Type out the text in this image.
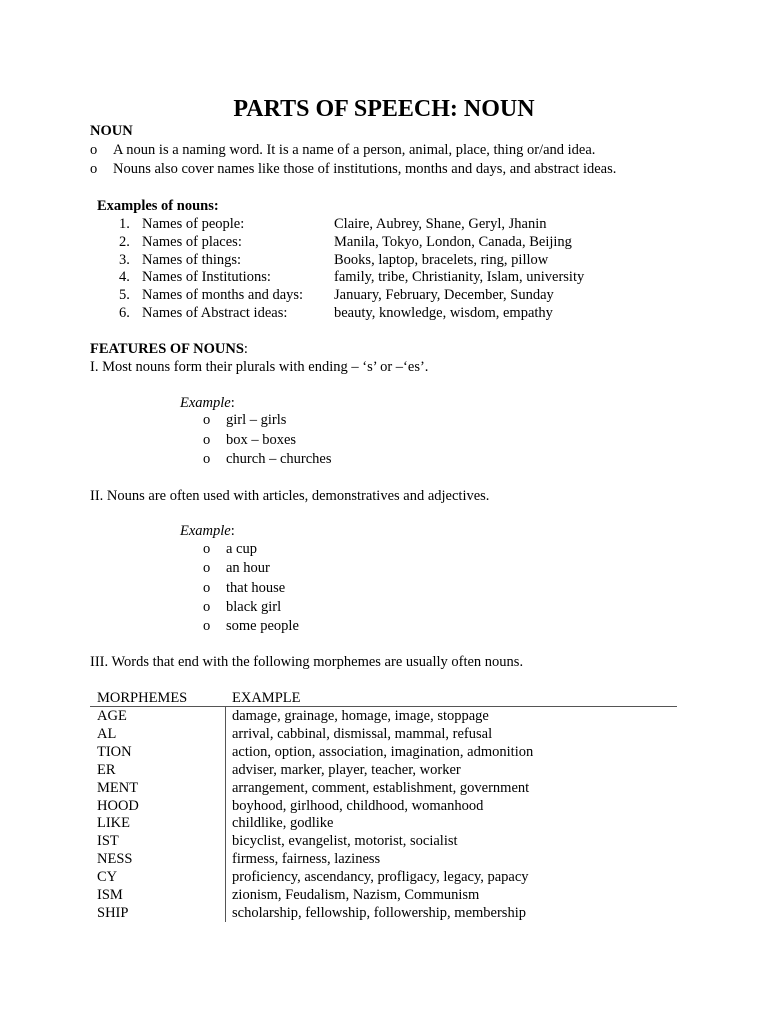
PARTS OF SPEECH: NOUN
NOUN
o A noun is a naming word. It is a name of a person, animal, place, thing or/and idea.
o Nouns also cover names like those of institutions, months and days, and abstract ideas.
Examples of nouns:
1. Names of people:	Claire, Aubrey, Shane, Geryl, Jhanin
2. Names of places:	Manila, Tokyo, London, Canada, Beijing
3. Names of things:	Books, laptop, bracelets, ring, pillow
4. Names of Institutions:	family, tribe, Christianity, Islam, university
5. Names of months and days: January, February, December, Sunday
6. Names of Abstract ideas:	beauty, knowledge, wisdom, empathy
FEATURES OF NOUNS:
I. Most nouns form their plurals with ending – ‘s’ or –‘es’.
Example:
o girl – girls
o box – boxes
o church – churches
II. Nouns are often used with articles, demonstratives and adjectives.
Example:
o a cup
o an hour
o that house
o black girl
o some people
III. Words that end with the following morphemes are usually often nouns.
MORPHEMES	EXAMPLE
AGE	damage, grainage, homage, image, stoppage
AL	arrival, cabbinal, dismissal, mammal, refusal
TION	action, option, association, imagination, admonition
ER	adviser, marker, player, teacher, worker
MENT	arrangement, comment, establishment, government
HOOD	boyhood, girlhood, childhood, womanhood
LIKE	childlike, godlike
IST	bicyclist, evangelist, motorist, socialist
NESS	firmess, fairness, laziness
CY	proficiency, ascendancy, profligacy, legacy, papacy
ISM	zionism, Feudalism, Nazism, Communism
SHIP	scholarship, fellowship, followership, membership
